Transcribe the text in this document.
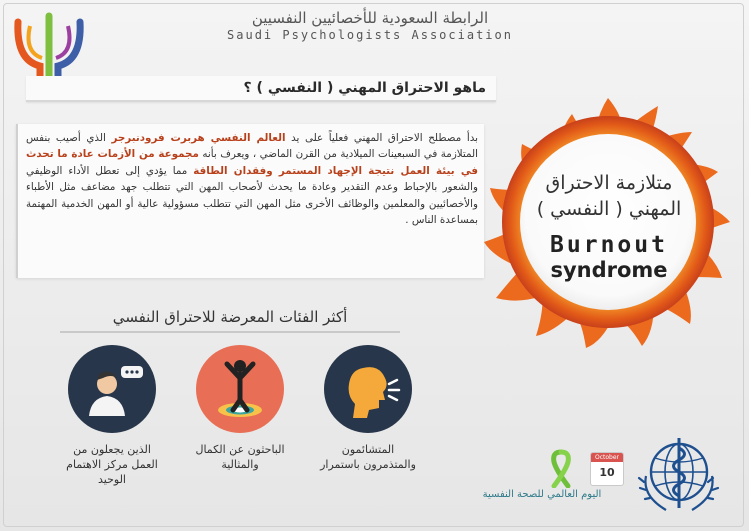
الرابطة السعودية للأخصائيين النفسيين
Saudi Psychologists Association
ماهو الاحتراق المهني ( النفسي ) ؟
بدأ مصطلح الاحتراق المهني فعلياً على يد العالم النفسي هربرت فرودنبرجر الذي أصيب بنفس المتلازمة في السبعينات الميلادية من القرن الماضي ، ويعرف بأنه مجموعة من الأزمات عادة ما تحدث في بيئة العمل نتيجة الإجهاد المستمر وفقدان الطاقة مما يؤدي إلى تعطل الأداء الوظيفي والشعور بالإحباط وعدم التقدير وعادة ما يحدث لأصحاب المهن التي تتطلب جهد مضاعف مثل الأطباء والأخصائيين والمعلمين والوظائف الأخرى مثل المهن التي تتطلب مسؤولية عالية أو المهن الخدمية المهتمة بمساعدة الناس .
متلازمة الاحتراق
المهني ( النفسي )
Burnout
syndrome
أكثر الفئات المعرضة للاحتراق النفسي
المتشائمون والمتذمرون باستمرار
الباحثون عن الكمال والمثالية
الذين يجعلون من العمل مركز الاهتمام الوحيد
October
10
اليوم العالمي للصحة النفسية
